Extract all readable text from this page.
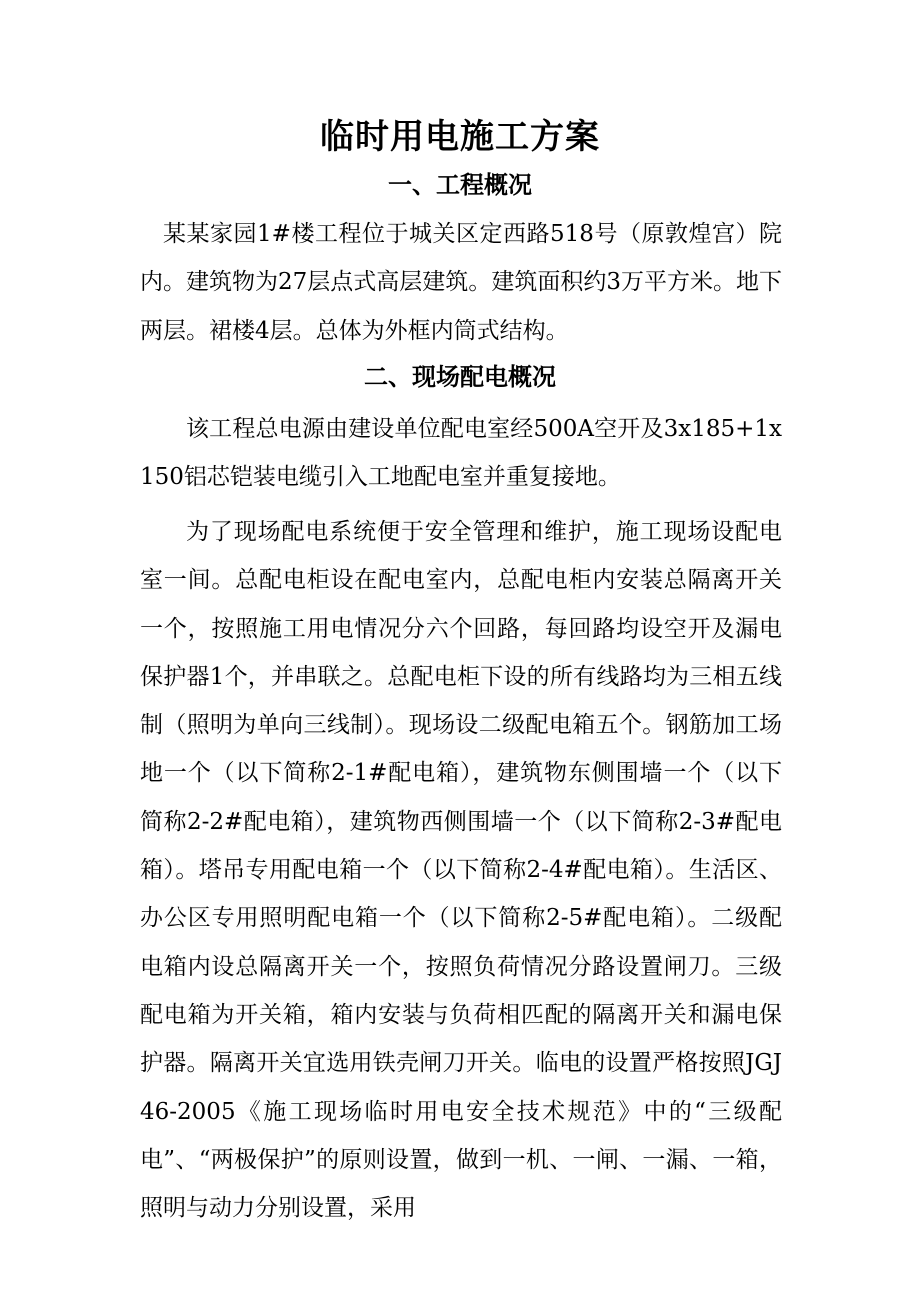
临时用电施工方案
一、工程概况

某某家园1#楼工程位于城关区定西路518号（原敦煌宫）院内。建筑物为27层点式高层建筑。建筑面积约3万平方米。地下两层。裙楼4层。总体为外框内筒式结构。

二、现场配电概况

该工程总电源由建设单位配电室经500A空开及3x185+1x150铝芯铠装电缆引入工地配电室并重复接地。

为了现场配电系统便于安全管理和维护，施工现场设配电室一间。总配电柜设在配电室内，总配电柜内安装总隔离开关一个，按照施工用电情况分六个回路，每回路均设空开及漏电保护器1个，并串联之。总配电柜下设的所有线路均为三相五线制（照明为单向三线制）。现场设二级配电箱五个。钢筋加工场地一个（以下简称2-1#配电箱），建筑物东侧围墙一个（以下简称2-2#配电箱），建筑物西侧围墙一个（以下简称2-3#配电箱）。塔吊专用配电箱一个（以下简称2-4#配电箱）。生活区、办公区专用照明配电箱一个（以下简称2-5#配电箱）。二级配电箱内设总隔离开关一个，按照负荷情况分路设置闸刀。三级配电箱为开关箱，箱内安装与负荷相匹配的隔离开关和漏电保护器。隔离开关宜选用铁壳闸刀开关。临电的设置严格按照JGJ46-2005《施工现场临时用电安全技术规范》中的“三级配电”、“两极保护”的原则设置，做到一机、一闸、一漏、一箱，照明与动力分别设置，采用
